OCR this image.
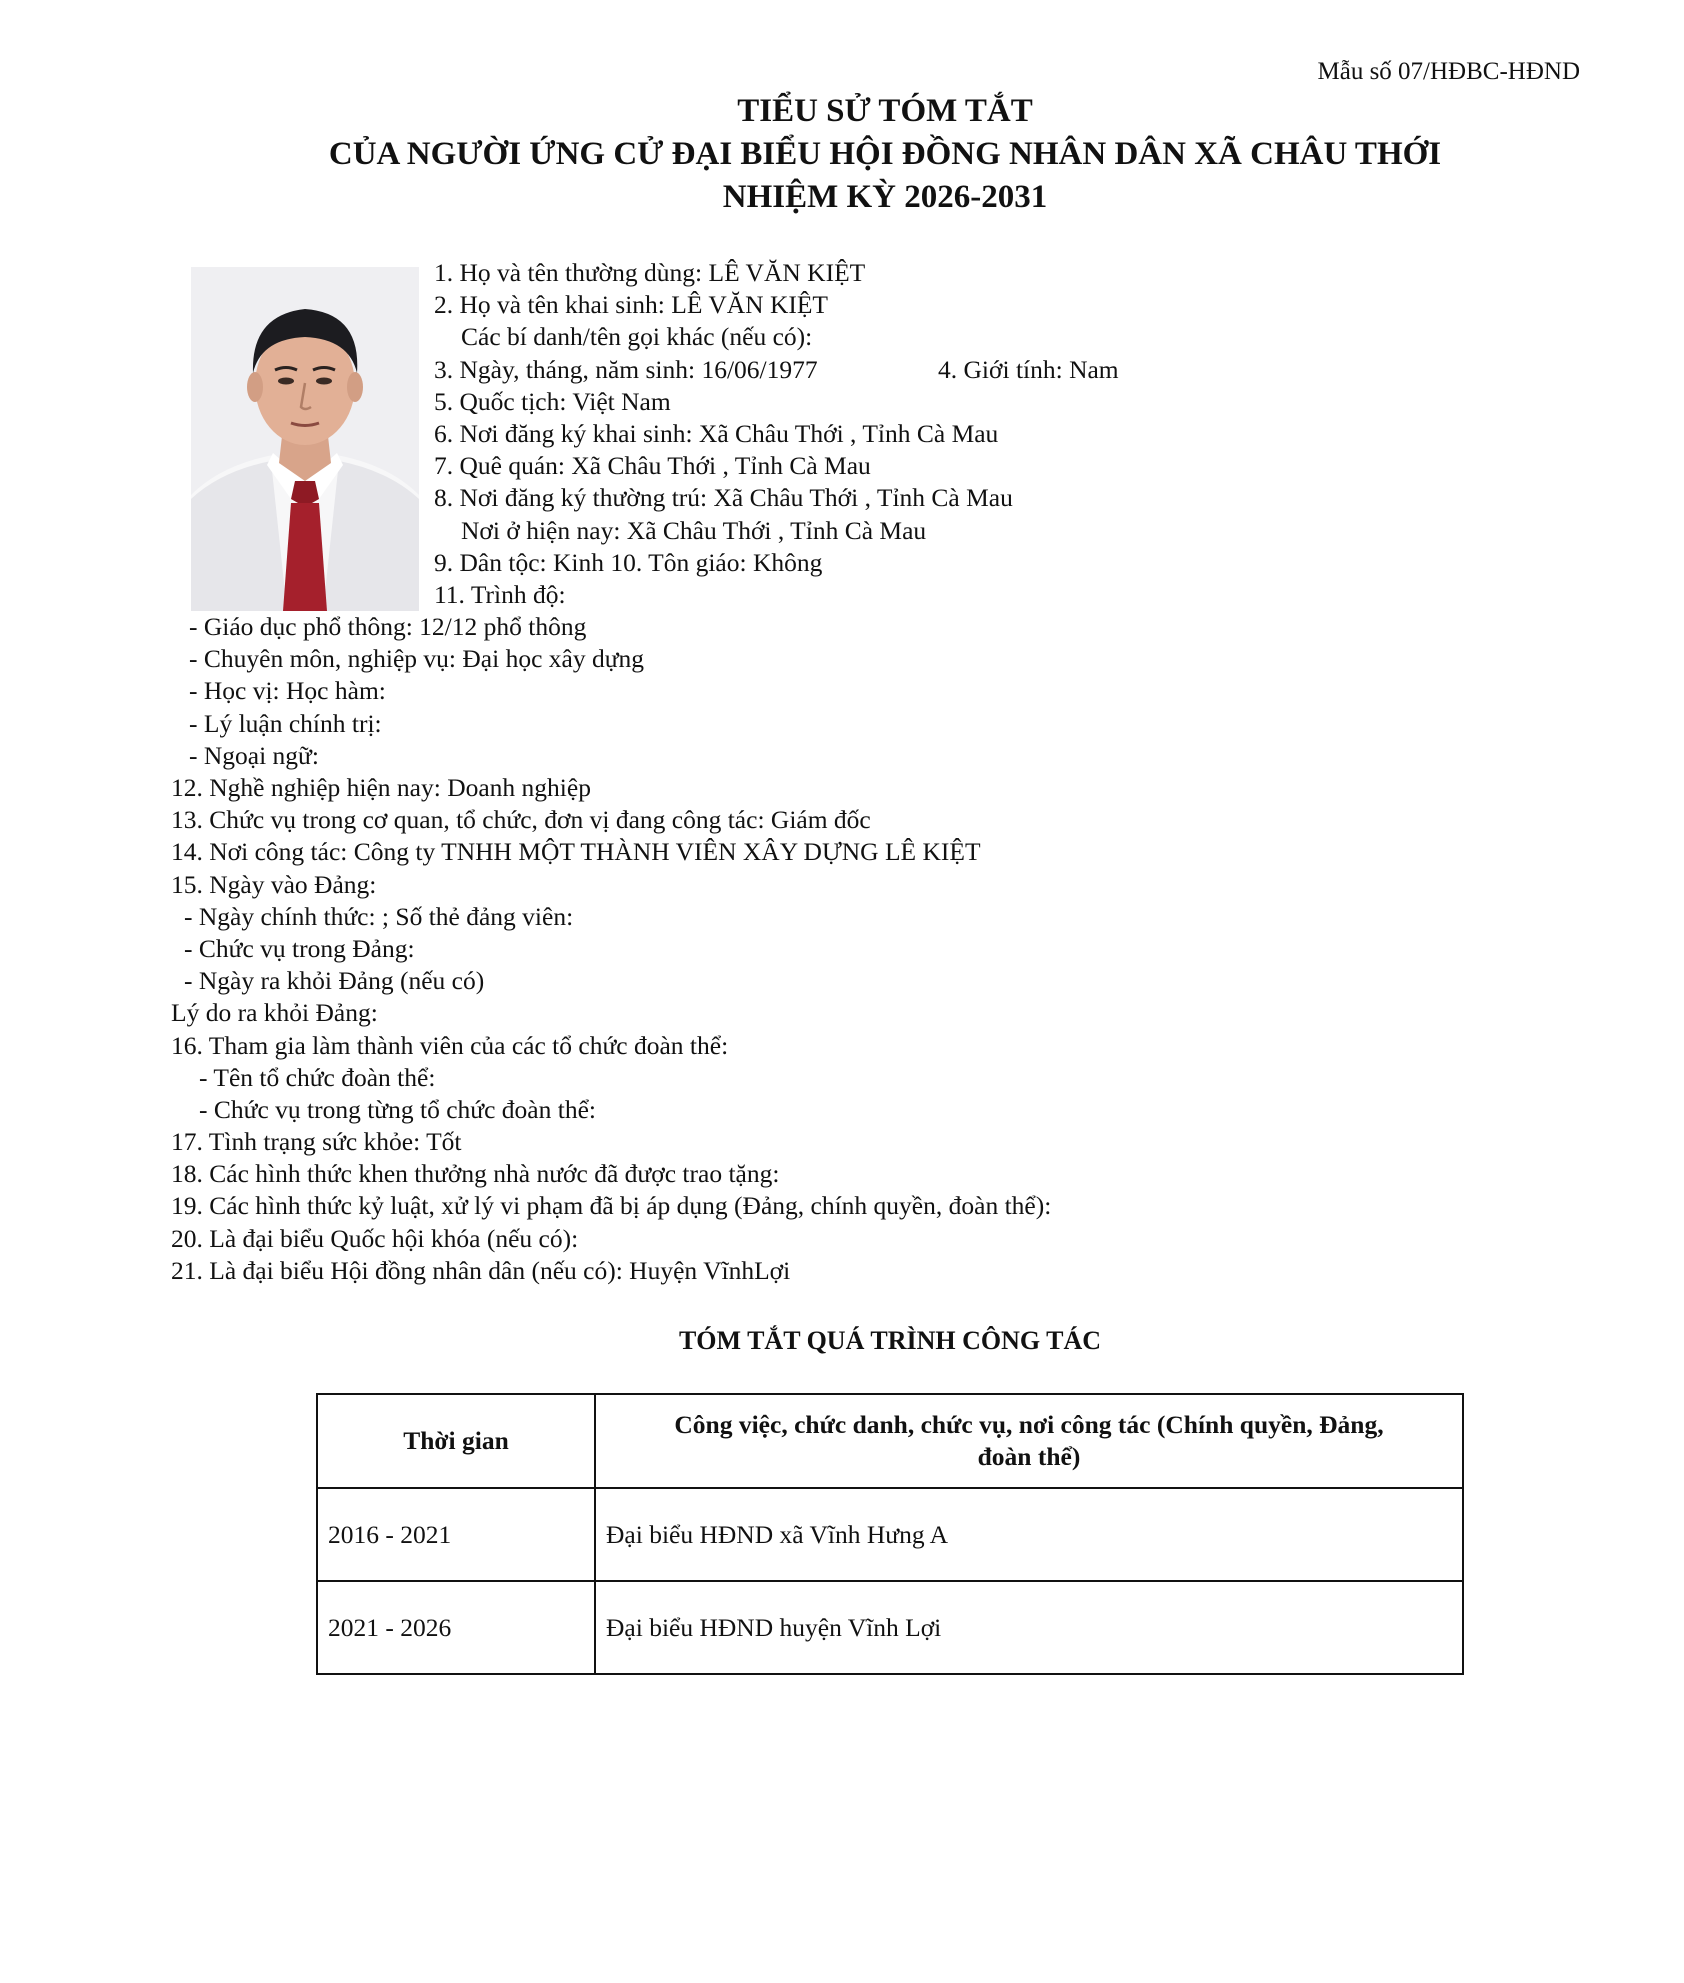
Mẫu số 07/HĐBC-HĐND
TIỂU SỬ TÓM TẮT
CỦA NGƯỜI ỨNG CỬ ĐẠI BIỂU HỘI ĐỒNG NHÂN DÂN XÃ CHÂU THỚI
NHIỆM KỲ 2026-2031
1. Họ và tên thường dùng: LÊ VĂN KIỆT
2. Họ và tên khai sinh: LÊ VĂN KIỆT
Các bí danh/tên gọi khác (nếu có):
3. Ngày, tháng, năm sinh: 16/06/1977	4. Giới tính: Nam
5. Quốc tịch: Việt Nam
6. Nơi đăng ký khai sinh: Xã Châu Thới , Tỉnh Cà Mau
7. Quê quán: Xã Châu Thới , Tỉnh Cà Mau
8. Nơi đăng ký thường trú: Xã Châu Thới , Tỉnh Cà Mau
Nơi ở hiện nay: Xã Châu Thới , Tỉnh Cà Mau
9. Dân tộc: Kinh 10. Tôn giáo: Không
11. Trình độ:
- Giáo dục phổ thông: 12/12 phổ thông
- Chuyên môn, nghiệp vụ: Đại học xây dựng
- Học vị: Học hàm:
- Lý luận chính trị:
- Ngoại ngữ:
12. Nghề nghiệp hiện nay: Doanh nghiệp
13. Chức vụ trong cơ quan, tổ chức, đơn vị đang công tác: Giám đốc
14. Nơi công tác: Công ty TNHH MỘT THÀNH VIÊN XÂY DỰNG LÊ KIỆT
15. Ngày vào Đảng:
- Ngày chính thức: ; Số thẻ đảng viên:
- Chức vụ trong Đảng:
- Ngày ra khỏi Đảng (nếu có)
Lý do ra khỏi Đảng:
16. Tham gia làm thành viên của các tổ chức đoàn thể:
- Tên tổ chức đoàn thể:
- Chức vụ trong từng tổ chức đoàn thể:
17. Tình trạng sức khỏe: Tốt
18. Các hình thức khen thưởng nhà nước đã được trao tặng:
19. Các hình thức kỷ luật, xử lý vi phạm đã bị áp dụng (Đảng, chính quyền, đoàn thể):
20. Là đại biểu Quốc hội khóa (nếu có):
21. Là đại biểu Hội đồng nhân dân (nếu có): Huyện VĩnhLợi
TÓM TẮT QUÁ TRÌNH CÔNG TÁC
Thời gian	Công việc, chức danh, chức vụ, nơi công tác (Chính quyền, Đảng,
đoàn thể)

2016 - 2021	Đại biểu HĐND xã Vĩnh Hưng A
2021 - 2026	Đại biểu HĐND huyện Vĩnh Lợi
